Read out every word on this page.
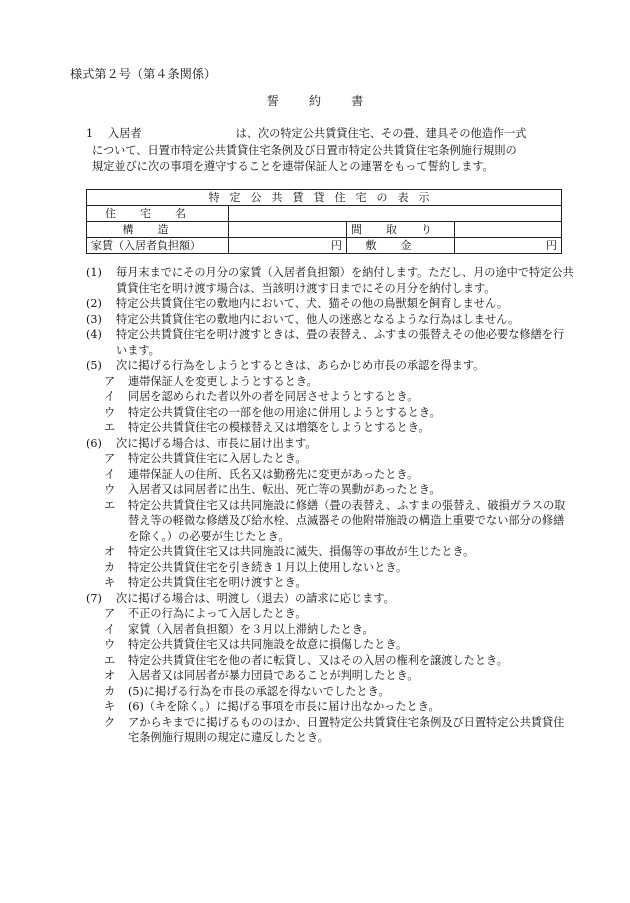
様式第２号（第４条関係）
誓約書
1 入居者	は、次の特定公共賃貸住宅、その畳、建具その他造作一式
について、日置市特定公共賃貸住宅条例及び日置市特定公共賃貸住宅条例施行規則の
規定並びに次の事項を遵守することを連帯保証人との連署をもって誓約します。
特定公共賃貸住宅の表示			
住宅名			
構造		間取り	
家賃（入居者負担額）	円	敷金	円
(1)	毎月末までにその月分の家賃（入居者負担額）を納付します。ただし、月の途中で特定公共賃貸住宅を明け渡す場合は、当該明け渡す日までにその月分を納付します。
(2)	特定公共賃貸住宅の敷地内において、犬、猫その他の鳥獣類を飼育しません。
(3)	特定公共賃貸住宅の敷地内において、他人の迷惑となるような行為はしません。
(4)	特定公共賃貸住宅を明け渡すときは、畳の表替え、ふすまの張替えその他必要な修繕を行います。
(5)	次に掲げる行為をしようとするときは、あらかじめ市長の承認を得ます。
ア	連帯保証人を変更しようとするとき。
イ	同居を認められた者以外の者を同居させようとするとき。
ウ	特定公共賃貸住宅の一部を他の用途に併用しようとするとき。
エ	特定公共賃貸住宅の模様替え又は増築をしようとするとき。
(6)	次に掲げる場合は、市長に届け出ます。
ア	特定公共賃貸住宅に入居したとき。
イ	連帯保証人の住所、氏名又は勤務先に変更があったとき。
ウ	入居者又は同居者に出生、転出、死亡等の異動があったとき。
エ	特定公共賃貸住宅又は共同施設に修繕（畳の表替え、ふすまの張替え、破損ガラスの取替え等の軽微な修繕及び給水栓、点滅器その他附帯施設の構造上重要でない部分の修繕を除く。）の必要が生じたとき。
オ	特定公共賃貸住宅又は共同施設に滅失、損傷等の事故が生じたとき。
カ	特定公共賃貸住宅を引き続き１月以上使用しないとき。
キ	特定公共賃貸住宅を明け渡すとき。
(7)	次に掲げる場合は、明渡し（退去）の請求に応じます。
ア	不正の行為によって入居したとき。
イ	家賃（入居者負担額）を３月以上滞納したとき。
ウ	特定公共賃貸住宅又は共同施設を故意に損傷したとき。
エ	特定公共賃貸住宅を他の者に転貸し、又はその入居の権利を譲渡したとき。
オ	入居者又は同居者が暴力団員であることが判明したとき。
カ	(5)に掲げる行為を市長の承認を得ないでしたとき。
キ	(6)（キを除く。）に掲げる事項を市長に届け出なかったとき。
ク	アからキまでに掲げるもののほか、日置特定公共賃貸住宅条例及び日置特定公共賃貸住宅条例施行規則の規定に違反したとき。
